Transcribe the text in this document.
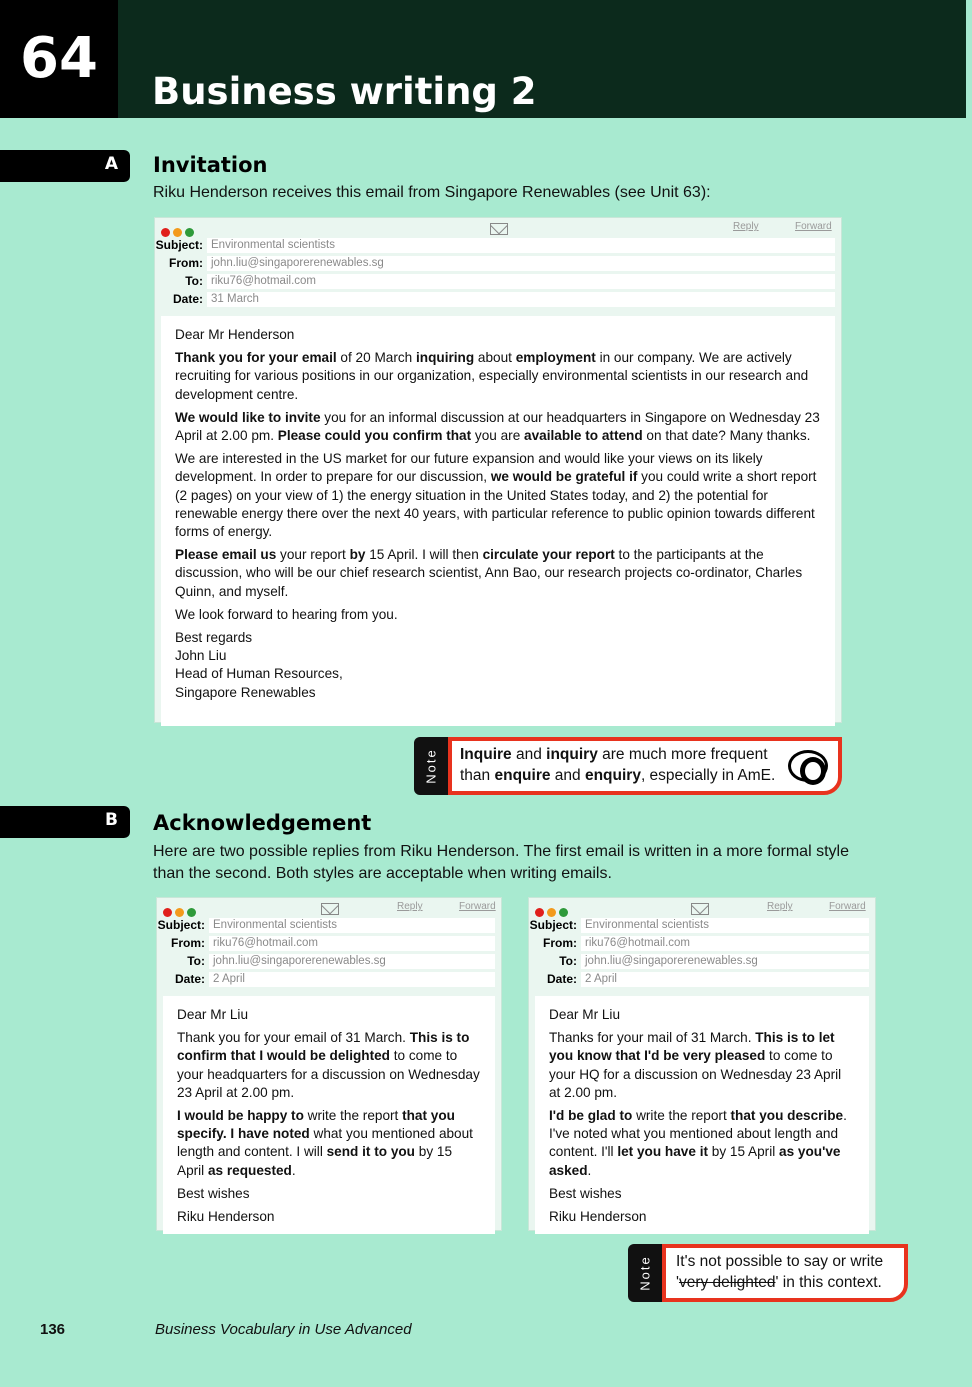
64
Business writing 2
A Invitation
Riku Henderson receives this email from Singapore Renewables (see Unit 63):
Reply	Forward
Subject: Environmental scientists
From: john.liu@singaporerenewables.sg
To: riku76@hotmail.com
Date: 31 March

Dear Mr Henderson

Thank you for your email of 20 March inquiring about employment in our company. We are actively recruiting for various positions in our organization, especially environmental scientists in our research and development centre.

We would like to invite you for an informal discussion at our headquarters in Singapore on Wednesday 23 April at 2.00 pm. Please could you confirm that you are available to attend on that date? Many thanks.

We are interested in the US market for our future expansion and would like your views on its likely development. In order to prepare for our discussion, we would be grateful if you could write a short report (2 pages) on your view of 1) the energy situation in the United States today, and 2) the potential for renewable energy there over the next 40 years, with particular reference to public opinion towards different forms of energy.

Please email us your report by 15 April. I will then circulate your report to the participants at the discussion, who will be our chief research scientist, Ann Bao, our research projects co-ordinator, Charles Quinn, and myself.

We look forward to hearing from you.

Best regards
John Liu
Head of Human Resources,
Singapore Renewables
Note Inquire and inquiry are much more frequent
than enquire and enquiry, especially in AmE.
B Acknowledgement
Here are two possible replies from Riku Henderson. The first email is written in a more formal style
than the second. Both styles are acceptable when writing emails.
Reply	Forward
Subject: Environmental scientists
From: riku76@hotmail.com
To: john.liu@singaporerenewables.sg
Date: 2 April

Dear Mr Liu

Thank you for your email of 31 March. This is to confirm that I would be delighted to come to your headquarters for a discussion on Wednesday 23 April at 2.00 pm.

I would be happy to write the report that you specify. I have noted what you mentioned about length and content. I will send it to you by 15 April as requested.

Best wishes

Riku Henderson

Reply	Forward
Subject: Environmental scientists
From: riku76@hotmail.com
To: john.liu@singaporerenewables.sg
Date: 2 April

Dear Mr Liu

Thanks for your mail of 31 March. This is to let you know that I'd be very pleased to come to your HQ for a discussion on Wednesday 23 April at 2.00 pm.

I'd be glad to write the report that you describe. I've noted what you mentioned about length and content. I'll let you have it by 15 April as you've asked.

Best wishes

Riku Henderson

Note It's not possible to say or write
'very delighted' in this context.
136	Business Vocabulary in Use Advanced
